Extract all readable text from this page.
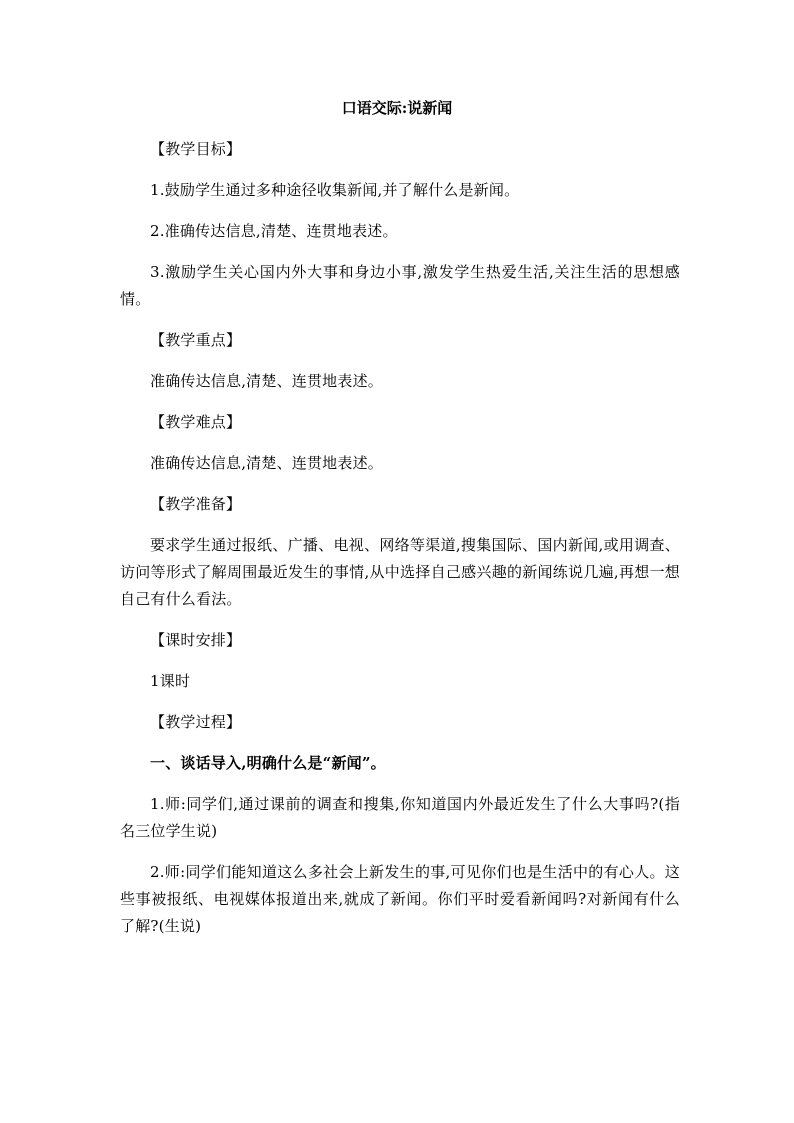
口语交际:说新闻

【教学目标】

1.鼓励学生通过多种途径收集新闻,并了解什么是新闻。

2.准确传达信息,清楚、连贯地表述。

3.激励学生关心国内外大事和身边小事,激发学生热爱生活,关注生活的思想感情。

【教学重点】

准确传达信息,清楚、连贯地表述。

【教学难点】

准确传达信息,清楚、连贯地表述。

【教学准备】

要求学生通过报纸、广播、电视、网络等渠道,搜集国际、国内新闻,或用调查、访问等形式了解周围最近发生的事情,从中选择自己感兴趣的新闻练说几遍,再想一想自己有什么看法。

【课时安排】

1课时

【教学过程】

一、谈话导入,明确什么是“新闻”。

1.师:同学们,通过课前的调查和搜集,你知道国内外最近发生了什么大事吗?(指名三位学生说)

2.师:同学们能知道这么多社会上新发生的事,可见你们也是生活中的有心人。这些事被报纸、电视媒体报道出来,就成了新闻。你们平时爱看新闻吗?对新闻有什么了解?(生说)
